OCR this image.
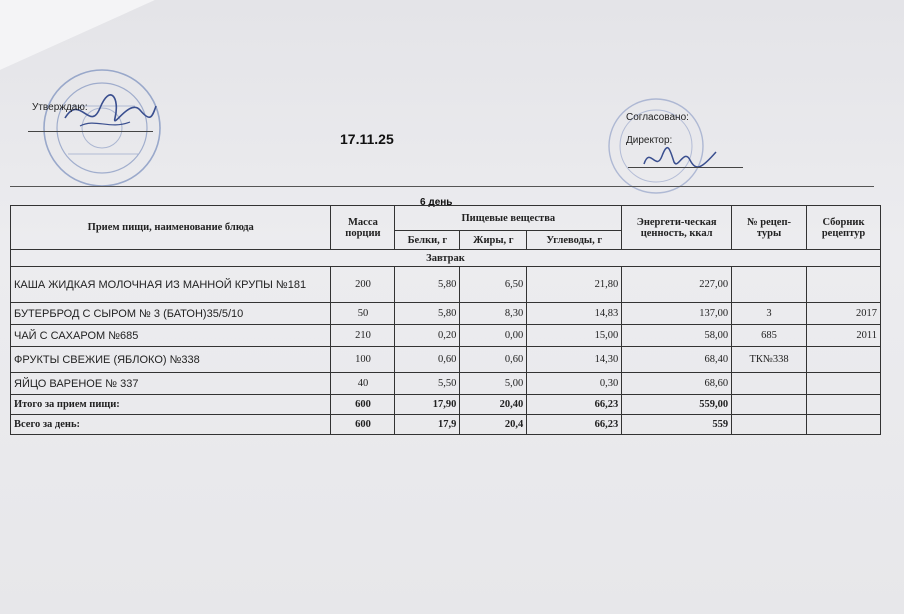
Утверждаю:
17.11.25
Согласовано:
Директор:
6 день
Прием пищи, наименование блюда	Масса порции	Пищевые вещества			Энергети-ческая ценность, ккал	№ рецеп-туры	Сборник рецептур
		Белки, г	Жиры, г	Углеводы, г			
Завтрак							
КАША ЖИДКАЯ МОЛОЧНАЯ ИЗ МАННОЙ КРУПЫ №181	200	5,80	6,50	21,80	227,00		
БУТЕРБРОД С СЫРОМ № 3 (БАТОН)35/5/10	50	5,80	8,30	14,83	137,00	3	2017
ЧАЙ С САХАРОМ №685	210	0,20	0,00	15,00	58,00	685	2011
ФРУКТЫ СВЕЖИЕ (ЯБЛОКО) №338	100	0,60	0,60	14,30	68,40	ТК№338	
ЯЙЦО ВАРЕНОЕ № 337	40	5,50	5,00	0,30	68,60		
Итого за прием пищи:	600	17,90	20,40	66,23	559,00		
Всего за день:	600	17,9	20,4	66,23	559		
